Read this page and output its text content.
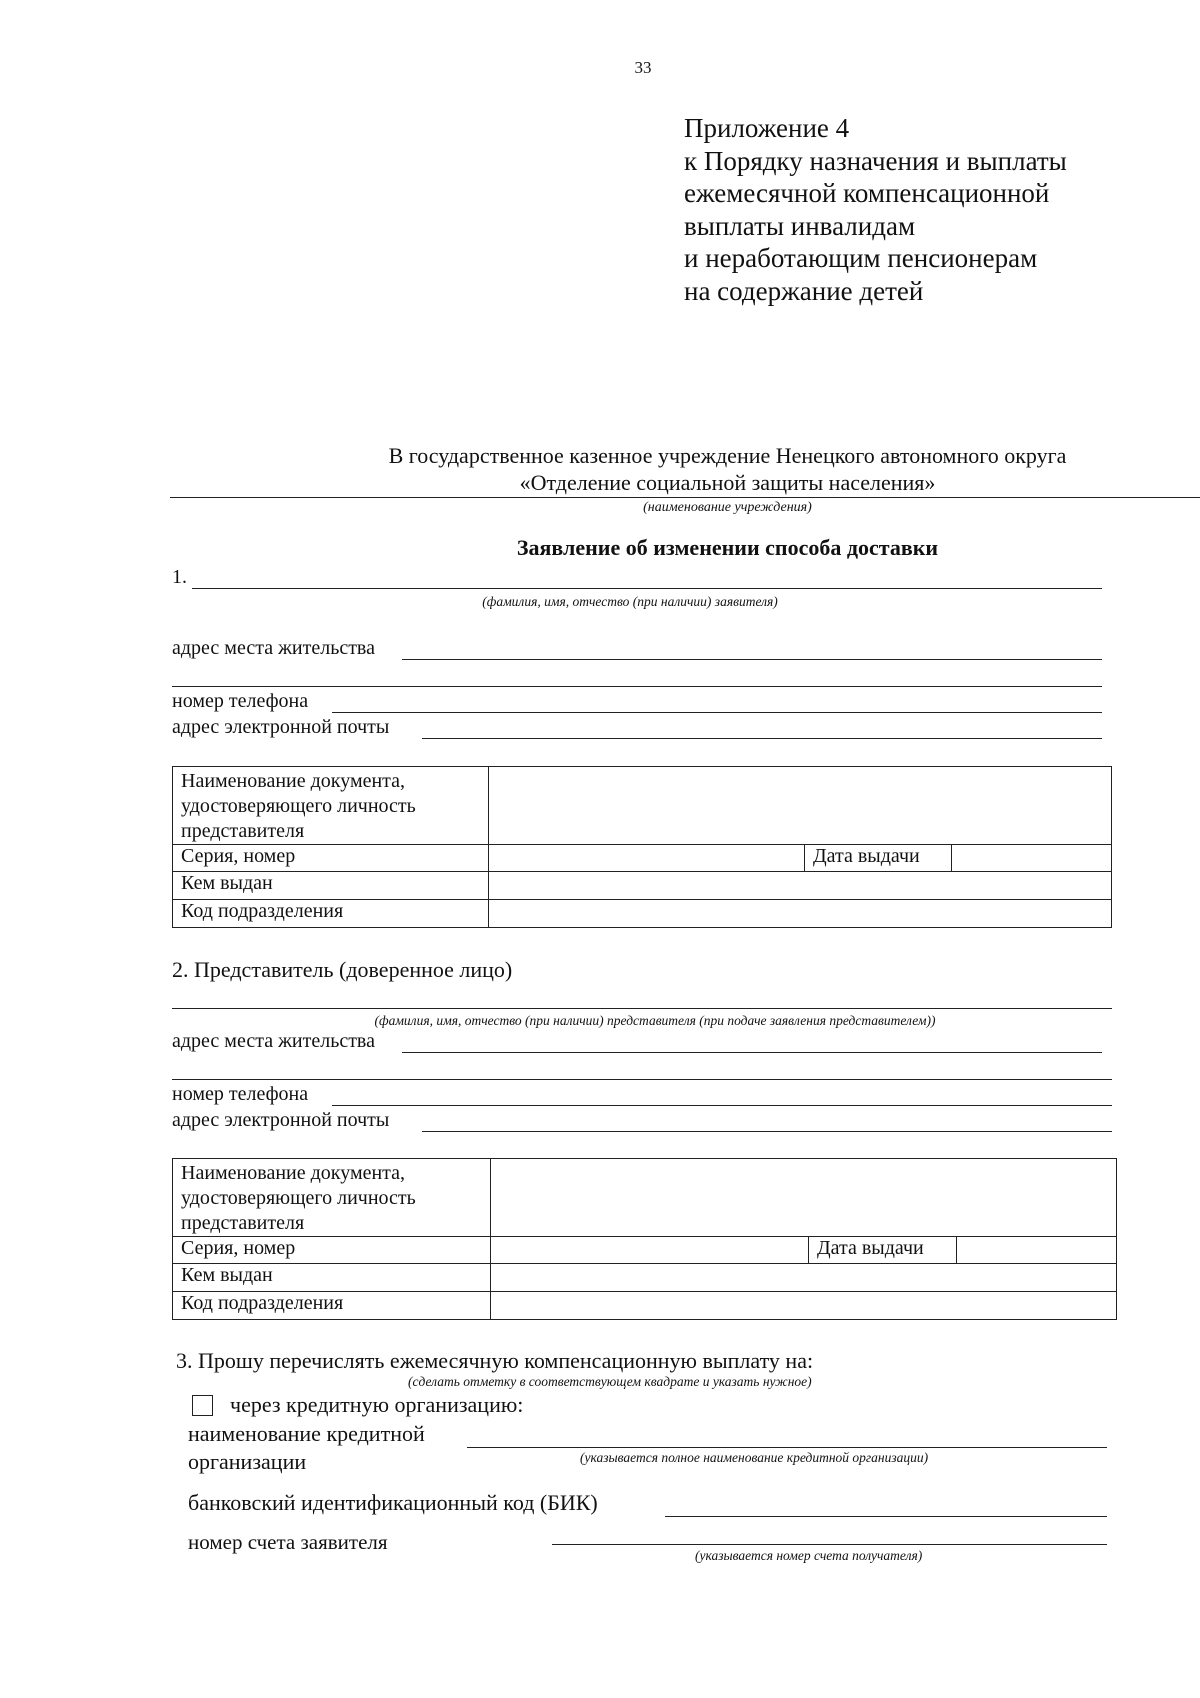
33
Приложение 4
к Порядку назначения и выплаты
ежемесячной компенсационной
выплаты инвалидам
и неработающим пенсионерам
на содержание детей
В государственное казенное учреждение Ненецкого автономного округа
«Отделение социальной защиты населения»
(наименование учреждения)
Заявление об изменении способа доставки
1.
(фамилия, имя, отчество (при наличии) заявителя)
адрес места жительства
номер телефона
адрес электронной почты
Наименование документа, удостоверяющего личность представителя			
Серия, номер		Дата выдачи	
Кем выдан			
Код подразделения			
2. Представитель (доверенное лицо)
(фамилия, имя, отчество (при наличии) представителя (при подаче заявления представителем))
адрес места жительства
номер телефона
адрес электронной почты
Наименование документа, удостоверяющего личность представителя			
Серия, номер		Дата выдачи	
Кем выдан			
Код подразделения			
3. Прошу перечислять ежемесячную компенсационную выплату на:
(сделать отметку в соответствующем квадрате и указать нужное)
через кредитную организацию:
наименование кредитной
организации	(указывается полное наименование кредитной организации)
банковский идентификационный код (БИК)
номер счета заявителя
(указывается номер счета получателя)
